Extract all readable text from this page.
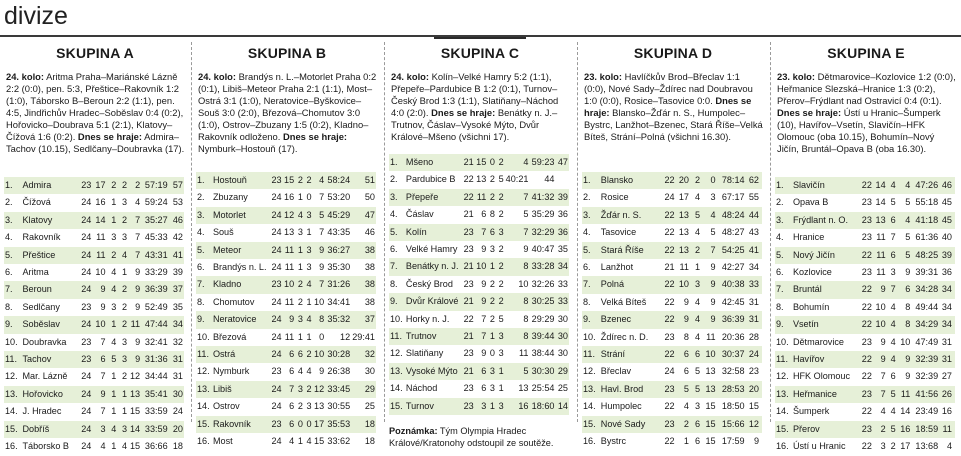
divize
SKUPINA A
24. kolo: Aritma Praha–Mariánské Lázně 2:2 (0:0), pen. 5:3, Přeštice–Rakovník 1:2 (1:0), Táborsko B–Beroun 2:2 (1:1), pen. 4:5, Jindřichův Hradec–Soběslav 0:4 (0:2), Hořovicko–Doubrava 5:1 (2:1), Klatovy–Čížová 1:6 (0:2). Dnes se hraje: Admira–Tachov (10.15), Sedlčany–Doubravka (17).
1.	Admira	23	17	2	2	2	57:19	57
2.	Čížová	24	16	1	3	4	59:24	53
3.	Klatovy	24	14	1	2	7	35:27	46
4.	Rakovník	24	11	3	3	7	45:33	42
5.	Přeštice	24	11	2	4	7	43:31	41
6.	Aritma	24	10	4	1	9	33:29	39
7.	Beroun	24	9	4	2	9	36:39	37
8.	Sedlčany	23	9	3	2	9	52:49	35
9.	Soběslav	24	10	1	2	11	47:44	34
10.	Doubravka	23	7	4	3	9	32:41	32
11.	Tachov	23	6	5	3	9	31:36	31
12.	Mar. Lázně	24	7	1	2	12	34:44	31
13.	Hořovicko	24	9	1	1	13	35:41	30
14.	J. Hradec	24	7	1	1	15	33:59	24
15.	Dobříš	24	3	4	3	14	33:59	20
16.	Táborsko B	24	4	1	4	15	36:66	18
SKUPINA B
24. kolo: Brandýs n. L.–Motorlet Praha 0:2 (0:1), Libiš–Meteor Praha 2:1 (1:1), Most–Ostrá 3:1 (1:0), Neratovice–Byškovice–Souš 3:0 (2:0), Březová–Chomutov 3:0 (1:0), Ostrov–Zbuzany 1:5 (0:2), Kladno–Rakovník odloženo. Dnes se hraje: Nymburk–Hostouň (17).
1.	Hostouň	23	15	2	2	4	58:24	51
2.	Zbuzany	24	16	1	0	7	53:20	50
3.	Motorlet	24	12	4	3	5	45:29	47
4.	Souš	24	13	3	1	7	43:35	46
5.	Meteor	24	11	1	3	9	36:27	38
6.	Brandýs n. L.	24	11	1	3	9	35:30	38
7.	Kladno	23	10	2	4	7	31:26	38
8.	Chomutov	24	11	2	1	10	34:41	38
9.	Neratovice	24	9	3	4	8	35:32	37
10.	Březová	24	11	1	1	0	12	29:41
11.	Ostrá	24	6	6	2	10	30:28	32
12.	Nymburk	23	6	4	4	9	26:38	30
13.	Libiš	24	7	3	2	12	33:45	29
14.	Ostrov	24	6	2	3	13	30:55	25
15.	Rakovník	23	6	0	0	17	35:53	18
16.	Most	24	4	1	4	15	33:62	18
SKUPINA C
24. kolo: Kolín–Velké Hamry 5:2 (1:1), Přepeře–Pardubice B 1:2 (0:1), Turnov–Český Brod 1:3 (1:1), Slatiňany–Náchod 4:0 (2:0). Dnes se hraje: Benátky n. J.–Trutnov, Čáslav–Vysoké Mýto, Dvůr Králové–Mšeno (všichni 17).
1.	Mšeno	21	15	0	2	4	59:23	47
2.	Pardubice B	22	13	2	5	40:21	44	
3.	Přepeře	22	11	2	2	7	41:32	39
4.	Čáslav	21	6	8	2	5	35:29	36
5.	Kolín	23	7	6	3	7	32:29	36
6.	Velké Hamry	23	9	3	2	9	40:47	35
7.	Benátky n. J.	21	10	1	2	8	33:28	34
8.	Český Brod	23	9	2	2	10	32:26	33
9.	Dvůr Králové	21	9	2	2	8	30:25	33
10.	Horky n. J.	22	7	2	5	8	29:29	30
11.	Trutnov	21	7	1	3	8	39:44	30
12.	Slatiňany	23	9	0	3	11	38:44	30
13.	Vysoké Mýto	21	6	3	1	5	30:30	29
14.	Náchod	23	6	3	1	13	25:54	25
15.	Turnov	23	3	1	3	16	18:60	14
Poznámka: Tým Olympia Hradec Králové/Kratonohy odstoupil ze soutěže.
SKUPINA D
23. kolo: Havlíčkův Brod–Břeclav 1:1 (0:0), Nové Sady–Ždírec nad Doubravou 1:0 (0:0), Rosice–Tasovice 0:0. Dnes se hraje: Blansko–Žďár n. S., Humpolec–Bystrc, Lanžhot–Bzenec, Stará Říše–Velká Bíteš, Strání–Polná (všichni 16.30).
1.	Blansko	22	20	2	0	78:14	62	
2.	Rosice	24	17	4	3	67:17	55	
3.	Žďár n. S.	22	13	5	4	48:24	44	
4.	Tasovice	22	13	4	5	48:27	43	
5.	Stará Říše	22	13	2	7	54:25	41	
6.	Lanžhot	21	11	1	9	42:27	34	
7.	Polná	22	10	3	9	40:38	33	
8.	Velká Bíteš	22	9	4	9	42:45	31	
9.	Bzenec	22	9	4	9	36:39	31	
10.	Ždírec n. D.	23	8	4	11	20:36	28	
11.	Strání	22	6	6	10	30:37	24	
12.	Břeclav	24	6	5	13	32:58	23	
13.	Havl. Brod	23	5	5	13	28:53	20	
14.	Humpolec	22	4	3	15	18:50	15	
15.	Nové Sady	23	2	6	15	15:66	12	
16.	Bystrc	22	1	6	15	17:59	9	
SKUPINA E
23. kolo: Dětmarovice–Kozlovice 1:2 (0:0), Heřmanice Slezská–Hranice 1:3 (0:2), Přerov–Frýdlant nad Ostravicí 0:4 (0:1). Dnes se hraje: Ústí u Hranic–Šumperk (10), Havířov–Vsetín, Slavičín–HFK Olomouc (oba 10.15), Bohumín–Nový Jičín, Bruntál–Opava B (oba 16.30).
1.	Slavičín	22	14	4	4	47:26	46	
2.	Opava B	23	14	5	5	55:18	45	
3.	Frýdlant n. O.	23	13	6	4	41:18	45	
4.	Hranice	23	11	7	5	61:36	40	
5.	Nový Jičín	22	11	6	5	48:25	39	
6.	Kozlovice	23	11	3	9	39:31	36	
7.	Bruntál	22	9	7	6	34:28	34	
8.	Bohumín	22	10	4	8	49:44	34	
9.	Vsetín	22	10	4	8	34:29	34	
10.	Dětmarovice	23	9	4	10	47:49	31	
11.	Havířov	22	9	4	9	32:39	31	
12.	HFK Olomouc	22	7	6	9	32:39	27	
13.	Heřmanice	23	7	5	11	41:56	26	
14.	Šumperk	22	4	4	14	23:49	16	
15.	Přerov	23	2	5	16	18:59	11	
16.	Ústí u Hranic	22	3	2	17	13:68	4	
